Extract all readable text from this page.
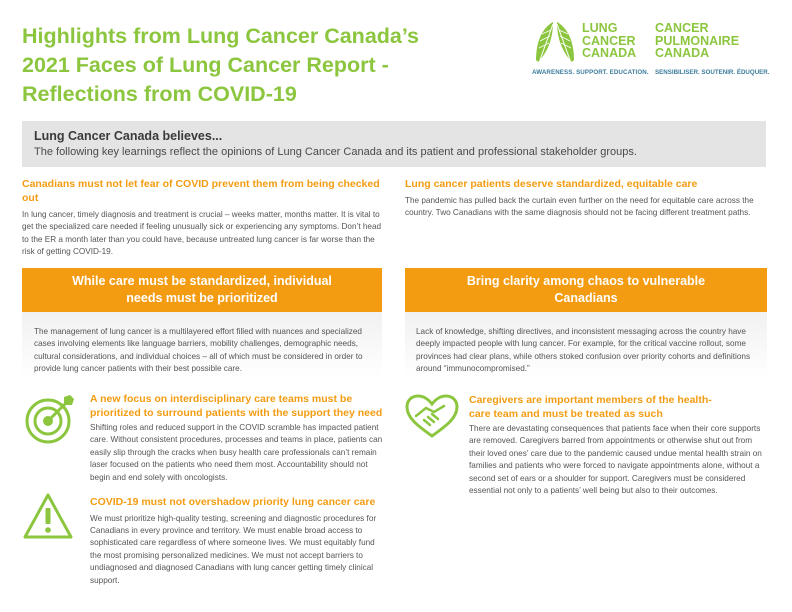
Highlights from Lung Cancer Canada’s
2021 Faces of Lung Cancer Report -
Reflections from COVID-19
LUNG
CANCER
CANADA
CANCER
PULMONAIRE
CANADA
AWARENESS. SUPPORT. EDUCATION. SENSIBILISER. SOUTENIR. ÉDUQUER.
Lung Cancer Canada believes...
The following key learnings reflect the opinions of Lung Cancer Canada and its patient and professional stakeholder groups.
Canadians must not let fear of COVID prevent them from being checked out
In lung cancer, timely diagnosis and treatment is crucial – weeks matter, months matter. It is vital to get the specialized care needed if feeling unusually sick or experiencing any symptoms. Don’t head to the ER a month later than you could have, because untreated lung cancer is far worse than the risk of getting COVID-19.
Lung cancer patients deserve standardized, equitable care
The pandemic has pulled back the curtain even further on the need for equitable care across the country. Two Canadians with the same diagnosis should not be facing different treatment paths.
While care must be standardized, individual needs must be prioritized
The management of lung cancer is a multilayered effort filled with nuances and specialized cases involving elements like language barriers, mobility challenges, demographic needs, cultural considerations, and individual choices – all of which must be considered in order to provide lung cancer patients with their best possible care.
Bring clarity among chaos to vulnerable Canadians
Lack of knowledge, shifting directives, and inconsistent messaging across the country have deeply impacted people with lung cancer. For example, for the critical vaccine rollout, some provinces had clear plans, while others stoked confusion over priority cohorts and definitions around “immunocompromised.”
A new focus on interdisciplinary care teams must be prioritized to surround patients with the support they need
Shifting roles and reduced support in the COVID scramble has impacted patient care. Without consistent procedures, processes and teams in place, patients can easily slip through the cracks when busy health care professionals can’t remain laser focused on the patients who need them most. Accountability should not begin and end solely with oncologists.
COVID-19 must not overshadow priority lung cancer care
We must prioritize high-quality testing, screening and diagnostic procedures for Canadians in every province and territory. We must enable broad access to sophisticated care regardless of where someone lives. We must equitably fund the most promising personalized medicines. We must not accept barriers to undiagnosed and diagnosed Canadians with lung cancer getting timely clinical support.
Caregivers are important members of the health-care team and must be treated as such
There are devastating consequences that patients face when their core supports are removed. Caregivers barred from appointments or otherwise shut out from their loved ones’ care due to the pandemic caused undue mental health strain on families and patients who were forced to navigate appointments alone, without a second set of ears or a shoulder for support. Caregivers must be considered essential not only to a patients’ well being but also to their outcomes.
